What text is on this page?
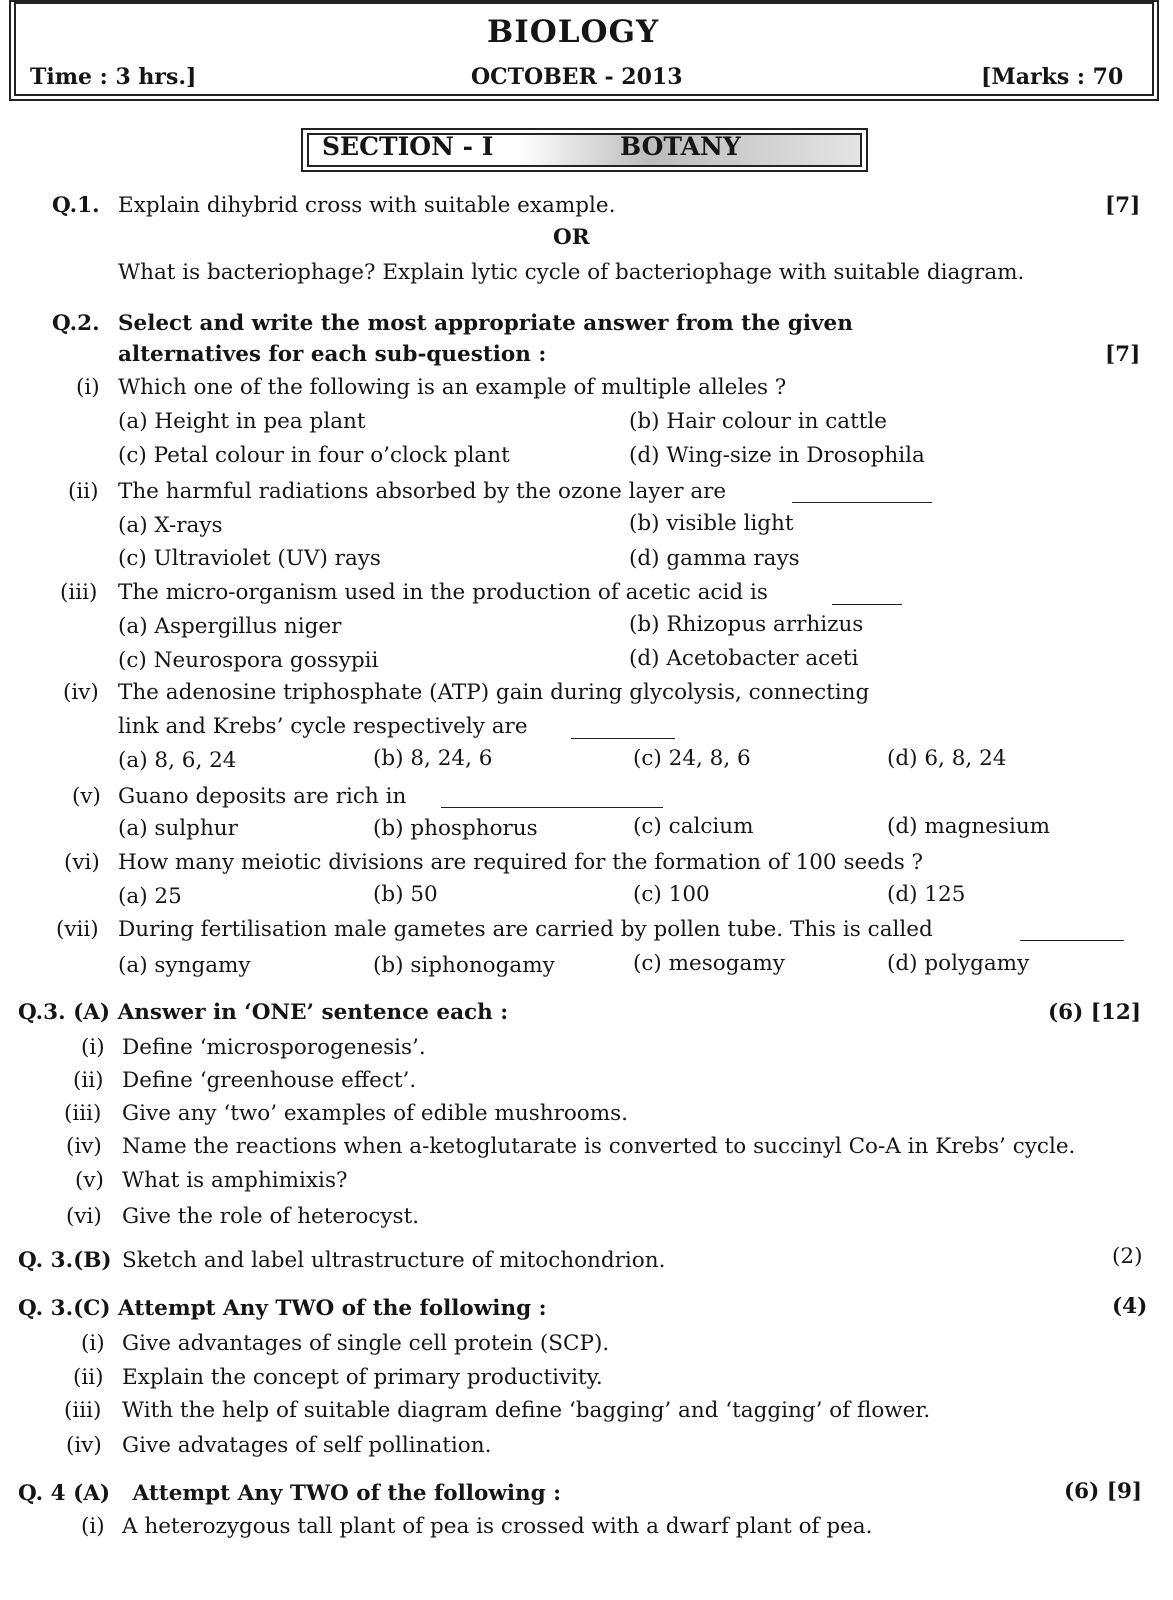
BIOLOGY
Time : 3 hrs.]	OCTOBER - 2013	[Marks : 70
SECTION - I	BOTANY
Q.1. Explain dihybrid cross with suitable example.	[7]
OR
What is bacteriophage? Explain lytic cycle of bacteriophage with suitable diagram.
Q.2. Select and write the most appropriate answer from the given
alternatives for each sub-question :	[7]
(i) Which one of the following is an example of multiple alleles ?
(a) Height in pea plant	(b) Hair colour in cattle
(c) Petal colour in four o’clock plant	(d) Wing-size in Drosophila
(ii) The harmful radiations absorbed by the ozone layer are
(a) X-rays	(b) visible light
(c) Ultraviolet (UV) rays	(d) gamma rays
(iii) The micro-organism used in the production of acetic acid is
(a) Aspergillus niger	(b) Rhizopus arrhizus
(c) Neurospora gossypii	(d) Acetobacter aceti
(iv) The adenosine triphosphate (ATP) gain during glycolysis, connecting
link and Krebs’ cycle respectively are
(a) 8, 6, 24	(b) 8, 24, 6	(c) 24, 8, 6	(d) 6, 8, 24
(v) Guano deposits are rich in
(a) sulphur	(b) phosphorus	(c) calcium	(d) magnesium
(vi) How many meiotic divisions are required for the formation of 100 seeds ?
(a) 25	(b) 50	(c) 100	(d) 125
(vii) During fertilisation male gametes are carried by pollen tube. This is called
(a) syngamy	(b) siphonogamy	(c) mesogamy	(d) polygamy
Q.3. (A) Answer in ‘ONE’ sentence each :	(6) [12]
(i) Define ‘microsporogenesis’.
(ii) Define ‘greenhouse effect’.
(iii) Give any ‘two’ examples of edible mushrooms.
(iv) Name the reactions when a-ketoglutarate is converted to succinyl Co-A in Krebs’ cycle.
(v) What is amphimixis?
(vi) Give the role of heterocyst.
Q. 3.(B) Sketch and label ultrastructure of mitochondrion.	(2)
Q. 3.(C) Attempt Any TWO of the following :	(4)
(i) Give advantages of single cell protein (SCP).
(ii) Explain the concept of primary productivity.
(iii) With the help of suitable diagram define ‘bagging’ and ‘tagging’ of flower.
(iv) Give advatages of self pollination.
Q. 4 (A)   Attempt Any TWO of the following :	(6) [9]
(i) A heterozygous tall plant of pea is crossed with a dwarf plant of pea.
